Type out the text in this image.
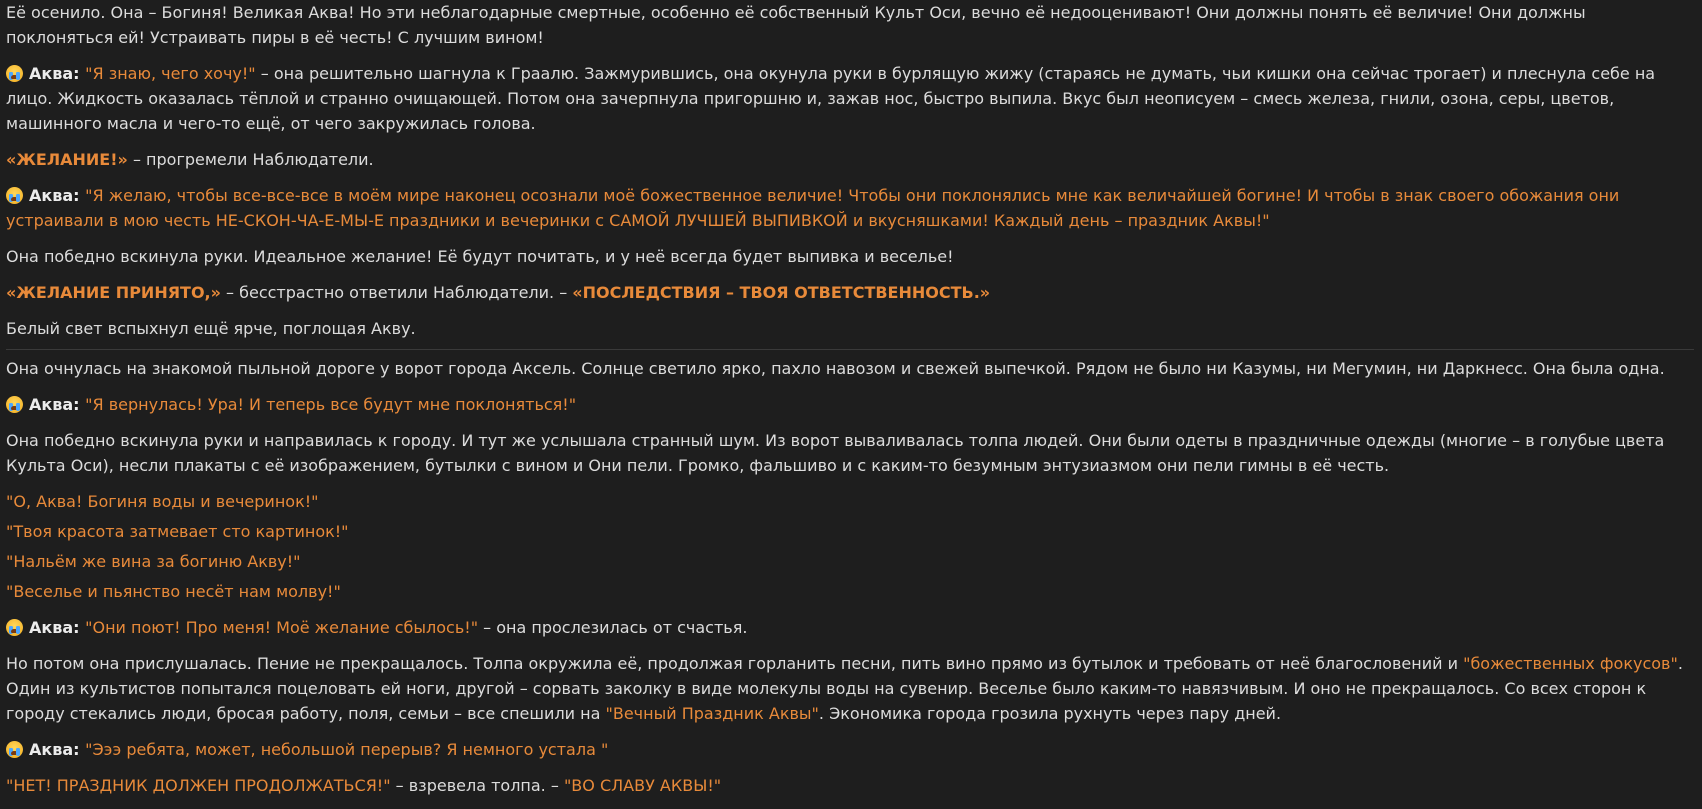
Её осенило. Она – Богиня! Великая Аква! Но эти неблагодарные смертные, особенно её собственный Культ Оси, вечно её недооценивают! Они должны понять её величие! Они должны поклоняться ей! Устраивать пиры в её честь! С лучшим вином!
Аква: "Я знаю, чего хочу!" – она решительно шагнула к Граалю. Зажмурившись, она окунула руки в бурлящую жижу (стараясь не думать, чьи кишки она сейчас трогает) и плеснула себе на лицо. Жидкость оказалась тёплой и странно очищающей. Потом она зачерпнула пригоршню и, зажав нос, быстро выпила. Вкус был неописуем – смесь железа, гнили, озона, серы, цветов, машинного масла и чего-то ещё, от чего закружилась голова.
«ЖЕЛАНИЕ!» – прогремели Наблюдатели.
Аква: "Я желаю, чтобы все-все-все в моём мире наконец осознали моё божественное величие! Чтобы они поклонялись мне как величайшей богине! И чтобы в знак своего обожания они устраивали в мою честь НЕ-СКОН-ЧА-Е-МЫ-Е праздники и вечеринки с САМОЙ ЛУЧШЕЙ ВЫПИВКОЙ и вкусняшками! Каждый день – праздник Аквы!"
Она победно вскинула руки. Идеальное желание! Её будут почитать, и у неё всегда будет выпивка и веселье!
«ЖЕЛАНИЕ ПРИНЯТО,» – бесстрастно ответили Наблюдатели. – «ПОСЛЕДСТВИЯ – ТВОЯ ОТВЕТСТВЕННОСТЬ.»
Белый свет вспыхнул ещё ярче, поглощая Акву.
Она очнулась на знакомой пыльной дороге у ворот города Аксель. Солнце светило ярко, пахло навозом и свежей выпечкой. Рядом не было ни Казумы, ни Мегумин, ни Даркнесс. Она была одна.
Аква: "Я вернулась! Ура! И теперь все будут мне поклоняться!"
Она победно вскинула руки и направилась к городу. И тут же услышала странный шум. Из ворот вываливалась толпа людей. Они были одеты в праздничные одежды (многие – в голубые цвета Культа Оси), несли плакаты с её изображением, бутылки с вином и Они пели. Громко, фальшиво и с каким-то безумным энтузиазмом они пели гимны в её честь.
"О, Аква! Богиня воды и вечеринок!"
"Твоя красота затмевает сто картинок!"
"Нальём же вина за богиню Акву!"
"Веселье и пьянство несёт нам молву!"
Аква: "Они поют! Про меня! Моё желание сбылось!" – она прослезилась от счастья.
Но потом она прислушалась. Пение не прекращалось. Толпа окружила её, продолжая горланить песни, пить вино прямо из бутылок и требовать от неё благословений и "божественных фокусов". Один из культистов попытался поцеловать ей ноги, другой – сорвать заколку в виде молекулы воды на сувенир. Веселье было каким-то навязчивым. И оно не прекращалось. Со всех сторон к городу стекались люди, бросая работу, поля, семьи – все спешили на "Вечный Праздник Аквы". Экономика города грозила рухнуть через пару дней.
Аква: "Эээ ребята, может, небольшой перерыв? Я немного устала "
"НЕТ! ПРАЗДНИК ДОЛЖЕН ПРОДОЛЖАТЬСЯ!" – взревела толпа. – "ВО СЛАВУ АКВЫ!"
